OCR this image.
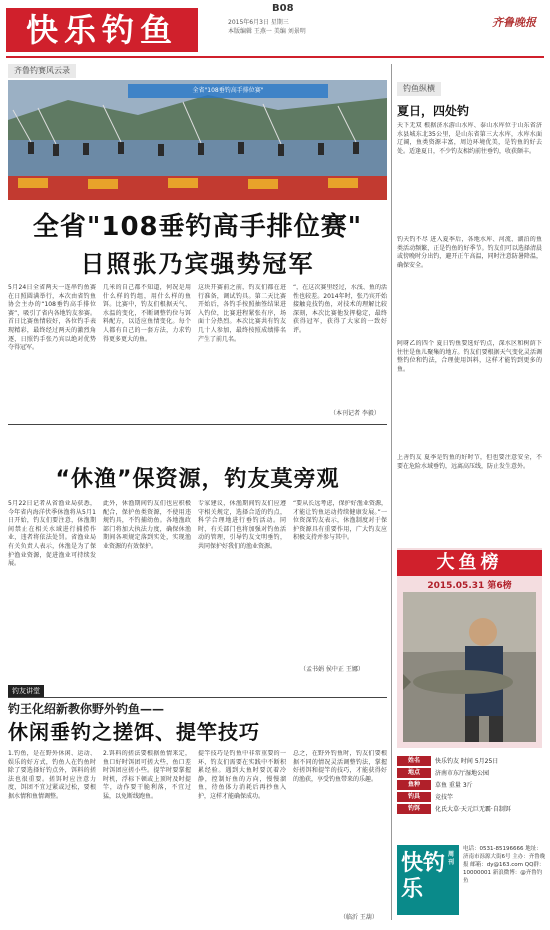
快乐钓鱼
B08
2015年6月3日 星期三
本版编辑 王燕一 美编 刘景明
齐鲁晚报
齐鲁钓赛风云录
全省"108垂钓高手排位赛"
全省"108垂钓高手排位赛"
日照张乃宾强势冠军
5月24日全省两天一连串钓鱼赛在日照圆满举行，本次由省钓鱼协会主办的“108垂钓高手排位赛”，吸引了省内各地钓友参赛。首日比赛鱼情较好，各位钓手表现精彩，最终经过两天的激烈角逐，日照钓手张乃宾以绝对优势夺得冠军。
几米的自己都不知道，何况是用什么样的钓组，用什么样的鱼饵。比赛中，钓友们根据天气、水温的变化，不断调整钓位与饵料配方，以适应鱼情变化。每个人都有自己的一套方法，力求钓得更多更大的鱼。
这块开赛前之前，钓友们都在进行准备，调试钓具。第二天比赛开始后，各钓手按照抽签结果进入钓位，比赛进程紧张有序，场面十分热烈。本次比赛共有钓友几十人参加，最终按照成绩排名产生了前几名。
“，在这次赛里经过，水浅、鱼的活性也较差。2014年时，张乃宾开始接触竞技钓鱼，对技术的理解比较深刻，本次比赛他发挥稳定，最终获得冠军，获得了大家的一致好评。
（本刊记者 李毅）
“休渔”保资源，钓友莫旁观
5月22日记者从省渔业局获悉，今年省内海洋伏季休渔将从5月1日开始，钓友们要注意，休渔期间禁止在相关水域进行捕捞作业，违者将依法处罚。省渔业局有关负责人表示，休渔是为了保护渔业资源，促进渔业可持续发展。
此外，休渔期间钓友们也应积极配合，保护鱼类资源，不使用违规钓具，不钓捕幼鱼。各地渔政部门将加大执法力度，确保休渔期间各项规定落到实处，实现渔业资源的有效保护。
专家建议，休渔期间钓友们应遵守相关规定，选择合适的钓点，科学合理地进行垂钓活动。同时，有关部门也将加强对钓鱼活动的管理，引导钓友文明垂钓，共同保护好我们的渔业资源。
“要从长远考虑，保护好渔业资源，才能让钓鱼运动持续健康发展。”一位资深钓友表示，休渔制度对于保护资源具有重要作用，广大钓友应积极支持并参与其中。
（孟书娟 侯中正 王娜）
钓友讲堂
钓王化绍新教你野外钓鱼——
休闲垂钓之搓饵、提竿技巧
1.钓鱼，是在野外休闲、运动、娱乐的好方式，钓鱼人在钓鱼时除了要选择好钓点外，饵料的搓法也很重要。搓饵时应注意力度，饵团不宜过紧或过松，要根据水情和鱼情调整。
2.饵料的搓法要根据鱼情来定，鱼口好时饵团可搓大些，鱼口差时饵团应搓小些。提竿时要掌握时机，浮标下顿或上顶时及时提竿，动作要干脆利落，不宜过猛，以免断线跑鱼。
提竿技巧是钓鱼中非常重要的一环，钓友们需要在实践中不断积累经验。遇到大鱼时要沉着冷静，控制好鱼的方向，慢慢溜鱼，待鱼体力消耗后再抄鱼入护，这样才能确保成功。
总之，在野外钓鱼时，钓友们要根据不同的情况灵活调整钓法，掌握好搓饵和提竿的技巧，才能获得好的渔获，享受钓鱼带来的乐趣。
（临沂 王葫）
钓鱼纵横
夏日，四处钓
天下无双 根据济水游山水库、泰山水库位于山东省济水县城东北35公里，是山东省第三大水库，水库水面辽阔，鱼类资源丰富，周边环境优美，是钓鱼的好去处。适逢夏日，不少钓友相约前往垂钓，收获颇丰。
钓天钓不尽 进入夏季后，各地水库、河流、湖泊的鱼类活动频繁，正是钓鱼的好季节。钓友们可以选择清晨或傍晚时分出钓，避开正午高温，同时注意防暑降温，确保安全。
阿呀乙的四个 夏日钓鱼要选好钓点，深水区和树荫下往往是鱼儿聚集的地方。钓友们要根据天气变化灵活调整钓位和钓法，合理使用饵料，这样才能钓到更多的鱼。
上善钓友 夏季是钓鱼的好时节，但也要注意安全，不要在危险水域垂钓，远离高压线，防止发生意外。
大鱼榜
2015.05.31 第6榜
姓名	快乐钓友 时间 5月25日
地点	济南市东厅湿地公园
鱼种	草鱼 重量 3斤
钓具	竞技竿
钓饵	化氏大草·天元巨无霸·自制饵
快钓乐
周刊
电话：0531-85196666 地址：济南市泺源大街6号 主办：齐鲁晚报 邮箱：dy@163.com QQ群：10000001 新浪微博：@齐鲁钓鱼
